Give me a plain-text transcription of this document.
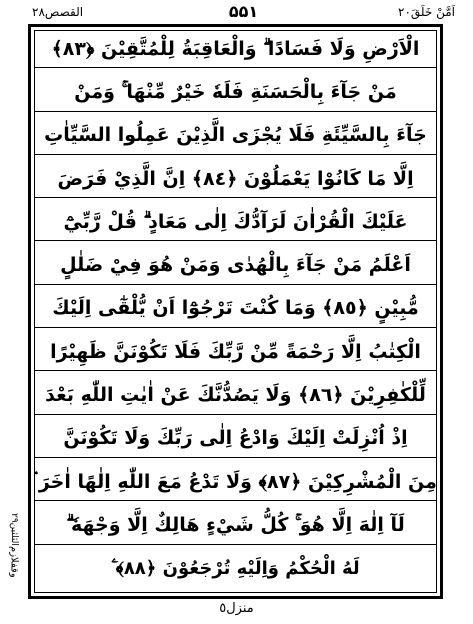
القصص٢٨	۵۵۱	اَمَّنْ خَلَقَ٢٠
الْاَرْضِ وَلَا فَسَادًا ۗ وَالْعَاقِبَةُ لِلْمُتَّقِيْنَ ﴿٨٣﴾
مَنْ جَآءَ بِالْحَسَنَةِ فَلَهٗ خَيْرٌ مِّنْهَا ۚ وَمَنْ
جَآءَ بِالسَّيِّئَةِ فَلَا يُجْزَى الَّذِيْنَ عَمِلُوا السَّيِّاٰتِ
اِلَّا مَا كَانُوْا يَعْمَلُوْنَ ﴿٨٤﴾ اِنَّ الَّذِيْ فَرَضَ
عَلَيْكَ الْقُرْاٰنَ لَرَآدُّكَ اِلٰى مَعَادٍ ۗ قُلْ رَّبِّيْٓ
اَعْلَمُ مَنْ جَآءَ بِالْهُدٰى وَمَنْ هُوَ فِيْ ضَلٰلٍ
مُّبِيْنٍ ﴿٨٥﴾ وَمَا كُنْتَ تَرْجُوْٓا اَنْ يُّلْقٰٓى اِلَيْكَ
الْكِتٰبُ اِلَّا رَحْمَةً مِّنْ رَّبِّكَ فَلَا تَكُوْنَنَّ ظَهِيْرًا
لِّلْكٰفِرِيْنَ ﴿٨٦﴾ وَلَا يَصُدُّنَّكَ عَنْ اٰيٰتِ اللّٰهِ بَعْدَ
اِذْ اُنْزِلَتْ اِلَيْكَ وَادْعُ اِلٰى رَبِّكَ وَلَا تَكُوْنَنَّ
مِنَ الْمُشْرِكِيْنَ ﴿٨٧﴾ وَلَا تَدْعُ مَعَ اللّٰهِ اِلٰهًا اٰخَرَ ۘ
لَآ اِلٰهَ اِلَّا هُوَ ۚ كُلُّ شَيْءٍ هَالِكٌ اِلَّا وَجْهَهٗ ۗ
لَهُ الْحُكْمُ وَاِلَيْهِ تُرْجَعُوْنَ ﴿٨٨﴾ ۧ
وقفلازم
الثلثين٢٩
منزل٥
